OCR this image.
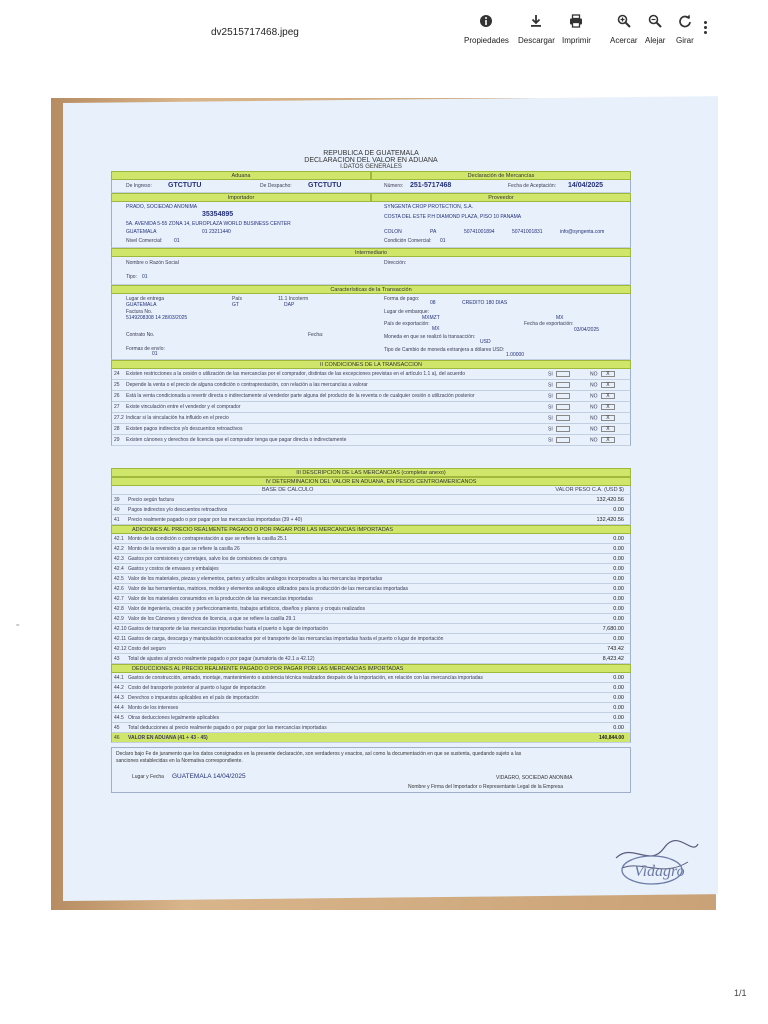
dv2515717468.jpeg
Propiedades Descargar Imprimir Acercar Alejar Girar
REPUBLICA DE GUATEMALA
DECLARACION DEL VALOR EN ADUANA
I.DATOS GENERALES
Aduana	Declaración de Mercancías
De Ingreso: GTCTUTU	De Despacho: GTCTUTU	Número: 251-5717468	Fecha de Aceptación: 14/04/2025
Importador	Proveedor
PRADO, SOCIEDAD ANONIMA
35354895
5A. AVENIDA 5-55 ZONA 14, EUROPLAZA WORLD BUSINESS CENTER
GUATEMALA	01 23211440
Nivel Comercial: 01
SYNGENTA CROP PROTECTION, S.A.
COSTA DEL ESTE P.H DIAMOND PLAZA, PISO 10 PANAMA
COLON	PA	50741001894	50741001831	info@syngenta.com
Condición Comercial: 01
Intermediario
Nombre o Razón Social
Tipo: 01
Dirección:
Características de la Transacción
Lugar de entrega
GUATEMALA
País
GT
11.1 Incoterm
DAP
Factura No.
5149208308 14 28/03/2025
Contrato No.	Fecha:
Formas de envío:
01
Forma de pago:
08	CREDITO 180 DIAS
Lugar de embarque:
MXMZT	MX
País de exportación:
MX
Fecha de exportación:
03/04/2025
Moneda en que se realizó la transacción:
USD
Tipo de Cambio de moneda extranjera a dólares USD:
1.00000
II CONDICIONES DE LA TRANSACCION
24 Existen restricciones a la cesión o utilización de las mercancías por el comprador, distintas de las excepciones previstas en el artículo 1.1 a), del acuerdo	SI	NO X
25 Depende la venta o el precio de alguna condición o contraprestación, con relación a las mercancías a valorar	SI	NO X
26 Está la venta condicionada a revertir directa o indirectamente al vendedor parte alguna del producto de la reventa o de cualquier cesión o utilización posterior	SI	NO X
27 Existe vinculación entre el vendedor y el comprador	SI	NO X
27.2 Indicar si la vinculación ha influido en el precio	SI	NO X
28 Existen pagos indirectos y/o descuentos retroactivos	SI	NO X
29 Existen cánones y derechos de licencia que el comprador tenga que pagar directa o indirectamente	SI	NO X
III DESCRIPCION DE LAS MERCANCIAS (completar anexo)
IV DETERMINACION DEL VALOR EN ADUANA, EN PESOS CENTROAMERICANOS
BASE DE CALCULO	VALOR PESO C.A. (USD $)
39 Precio según factura	132,420.56
40 Pagos indirectos y/o descuentos retroactivos	0.00
41 Precio realmente pagado o por pagar por las mercancías importadas (39 + 40)	132,420.56
ADICIONES AL PRECIO REALMENTE PAGADO O POR PAGAR POR LAS MERCANCIAS IMPORTADAS
42.1 Monto de la condición o contraprestación a que se refiere la casilla 25.1	0.00
42.2 Monto de la reversión a que se refiere la casilla 26	0.00
42.3 Gastos por comisiones y corretajes, salvo los de comisiones de compra	0.00
42.4 Gastos y costos de envases y embalajes	0.00
42.5 Valor de los materiales, piezas y elementos, partes y artículos análogos incorporados a las mercancías importadas	0.00
42.6 Valor de las herramientas, matrices, moldes y elementos análogos utilizados para la producción de las mercancías importadas	0.00
42.7 Valor de los materiales consumidos en la producción de las mercancías importadas	0.00
42.8 Valor de ingeniería, creación y perfeccionamiento, trabajos artísticos, diseños y planos y croquis realizados	0.00
42.9 Valor de los Cánones y derechos de licencia, a que se refiere la casilla 29.1	0.00
42.10 Gastos de transporte de las mercancías importadas hasta el puerto o lugar de importación	7,680.00
42.11 Gastos de carga, descarga y manipulación ocasionados por el transporte de las mercancías importadas hasta el puerto o lugar de importación	0.00
42.12 Costo del seguro	743.42
43 Total de ajustes al precio realmente pagado o por pagar (sumatoria de 42.1 a 42.12)	8,423.42
DEDUCCIONES AL PRECIO REALMENTE PAGADO O POR PAGAR POR LAS MERCANCIAS IMPORTADAS
44.1 Gastos de construcción, armado, montaje, mantenimiento o asistencia técnica realizados después de la importación, en relación con las mercancías importadas	0.00
44.2 Costo del transporte posterior al puerto o lugar de importación	0.00
44.3 Derechos o impuestos aplicables en el país de importación	0.00
44.4 Monto de los intereses	0.00
44.5 Otras deducciones legalmente aplicables	0.00
45 Total deducciones al precio realmente pagado o por pagar por las mercancías importadas	0.00
46 VALOR EN ADUANA (41 + 43 - 45)	140,844.00
Declaro bajo Fe de juramento que los datos consignados en la presente declaración, son verdaderos y exactos, así como la documentación en que se sustenta, quedando sujeto a las sanciones establecidas en la Normativa correspondiente.
Lugar y Fecha GUATEMALA 14/04/2025	VIDAGRO, SOCIEDAD ANONIMA
Nombre y Firma del Importador o Representante Legal de la Empresa
Vidagro
=
1/1
